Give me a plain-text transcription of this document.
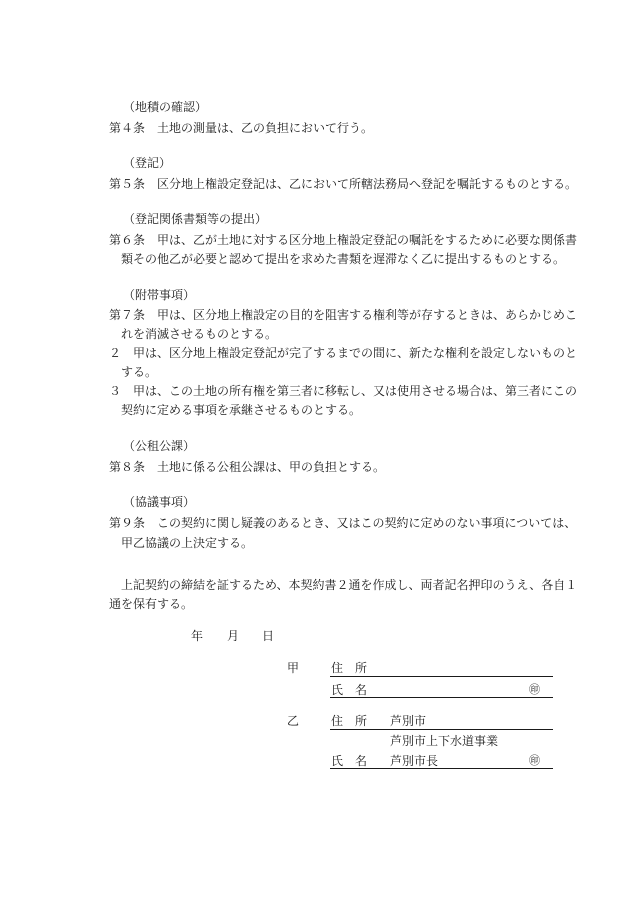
（地積の確認）
第４条　土地の測量は、乙の負担において行う。
（登記）
第５条　区分地上権設定登記は、乙において所轄法務局へ登記を嘱託するものとする。
（登記関係書類等の提出）
第６条　甲は、乙が土地に対する区分地上権設定登記の嘱託をするために必要な関係書
類その他乙が必要と認めて提出を求めた書類を遅滞なく乙に提出するものとする。
（附帯事項）
第７条　甲は、区分地上権設定の目的を阻害する権利等が存するときは、あらかじめこ
れを消滅させるものとする。
２　甲は、区分地上権設定登記が完了するまでの間に、新たな権利を設定しないものと
する。
３　甲は、この土地の所有権を第三者に移転し、又は使用させる場合は、第三者にこの
契約に定める事項を承継させるものとする。
（公租公課）
第８条　土地に係る公租公課は、甲の負担とする。
（協議事項）
第９条　この契約に関し疑義のあるとき、又はこの契約に定めのない事項については、
甲乙協議の上決定する。
上記契約の締結を証するため、本契約書２通を作成し、両者記名押印のうえ、各自１
通を保有する。
年 月 日
甲	住　所
氏　名	㊞
乙	住　所 芦別市
芦別市上下水道事業
氏　名 芦別市長	㊞
